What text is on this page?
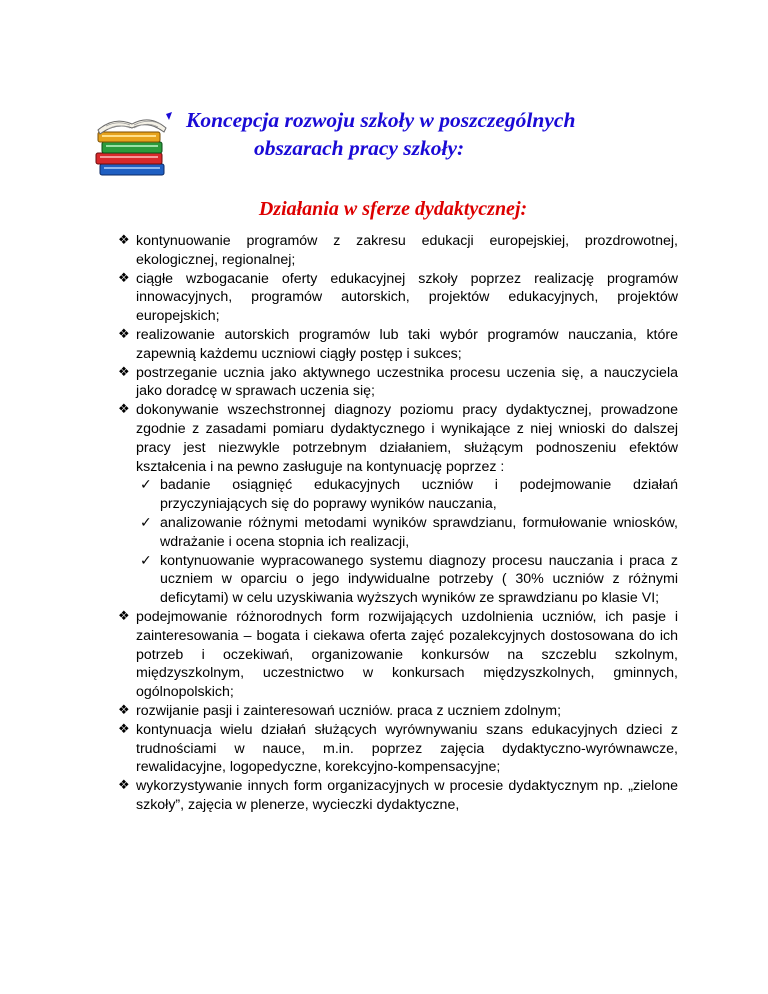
Koncepcja rozwoju szkoły w poszczególnych
obszarach pracy szkoły:
Działania w sferze dydaktycznej:
❖ kontynuowanie programów z zakresu edukacji europejskiej, prozdrowotnej, ekologicznej, regionalnej;
❖ ciągłe wzbogacanie oferty edukacyjnej szkoły poprzez realizację programów innowacyjnych, programów autorskich, projektów edukacyjnych, projektów europejskich;
❖ realizowanie autorskich programów lub taki wybór programów nauczania, które zapewnią każdemu uczniowi ciągły postęp i sukces;
❖ postrzeganie ucznia jako aktywnego uczestnika procesu uczenia się, a nauczyciela jako doradcę w sprawach uczenia się;
❖ dokonywanie wszechstronnej diagnozy poziomu pracy dydaktycznej, prowadzone zgodnie z zasadami pomiaru dydaktycznego i wynikające z niej wnioski do dalszej pracy jest niezwykle potrzebnym działaniem, służącym podnoszeniu efektów kształcenia i na pewno zasługuje na kontynuację poprzez :
✓ badanie osiągnięć edukacyjnych uczniów i podejmowanie działań przyczyniających się do poprawy wyników nauczania,
✓ analizowanie różnymi metodami wyników sprawdzianu, formułowanie wniosków, wdrażanie i ocena stopnia ich realizacji,
✓ kontynuowanie wypracowanego systemu diagnozy procesu nauczania i praca z uczniem w oparciu o jego indywidualne potrzeby ( 30% uczniów z różnymi deficytami) w celu uzyskiwania wyższych wyników ze sprawdzianu po klasie VI;
❖ podejmowanie różnorodnych form rozwijających uzdolnienia uczniów, ich pasje i zainteresowania – bogata i ciekawa oferta zajęć pozalekcyjnych dostosowana do ich potrzeb i oczekiwań, organizowanie konkursów na szczeblu szkolnym, międzyszkolnym, uczestnictwo w konkursach międzyszkolnych, gminnych, ogólnopolskich;
❖ rozwijanie pasji i zainteresowań uczniów. praca z uczniem zdolnym;
❖ kontynuacja wielu działań służących wyrównywaniu szans edukacyjnych dzieci z trudnościami w nauce, m.in. poprzez zajęcia dydaktyczno-wyrównawcze, rewalidacyjne, logopedyczne, korekcyjno-kompensacyjne;
❖ wykorzystywanie innych form organizacyjnych w procesie dydaktycznym np. „zielone szkoły”, zajęcia w plenerze, wycieczki dydaktyczne,
